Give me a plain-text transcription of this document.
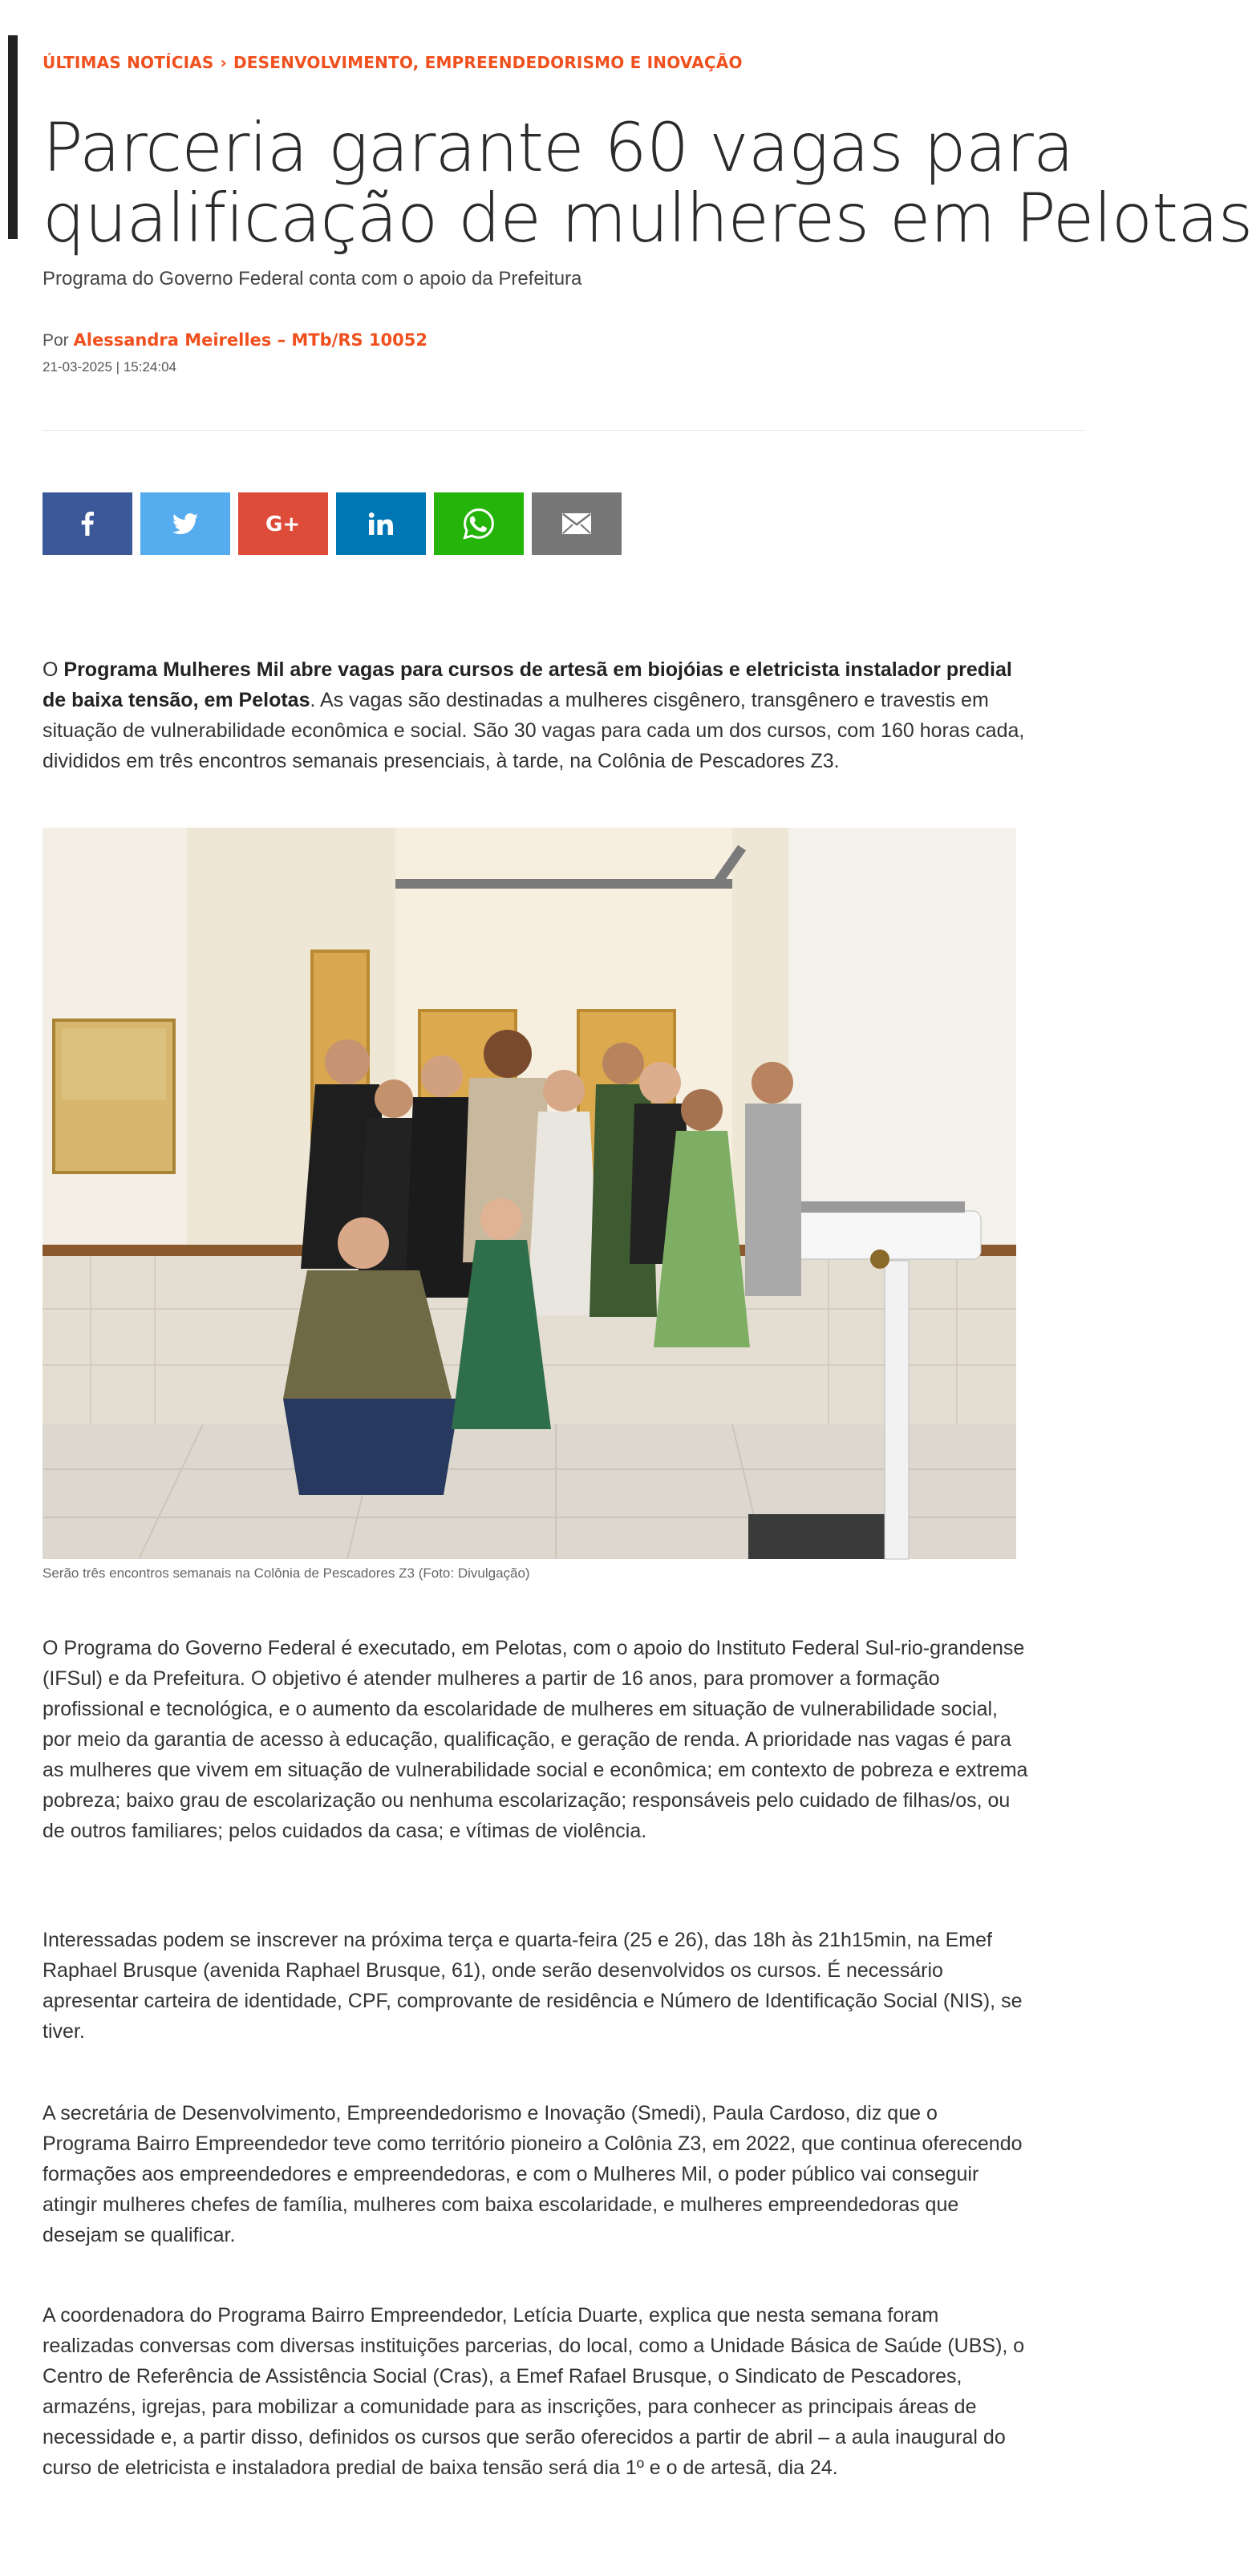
ÚLTIMAS NOTÍCIAS › DESENVOLVIMENTO, EMPREENDEDORISMO E INOVAÇÃO
Parceria garante 60 vagas para
qualificação de mulheres em Pelotas
Programa do Governo Federal conta com o apoio da Prefeitura
Por Alessandra Meirelles – MTb/RS 10052
21-03-2025 | 15:24:04
G+

O Programa Mulheres Mil abre vagas para cursos de artesã em biojóias e eletricista instalador predial de baixa tensão, em Pelotas. As vagas são destinadas a mulheres cisgênero, transgênero e travestis em situação de vulnerabilidade econômica e social. São 30 vagas para cada um dos cursos, com 160 horas cada, divididos em três encontros semanais presenciais, à tarde, na Colônia de Pescadores Z3.

Serão três encontros semanais na Colônia de Pescadores Z3 (Foto: Divulgação)

O Programa do Governo Federal é executado, em Pelotas, com o apoio do Instituto Federal Sul-rio-grandense (IFSul) e da Prefeitura. O objetivo é atender mulheres a partir de 16 anos, para promover a formação profissional e tecnológica, e o aumento da escolaridade de mulheres em situação de vulnerabilidade social, por meio da garantia de acesso à educação, qualificação, e geração de renda. A prioridade nas vagas é para as mulheres que vivem em situação de vulnerabilidade social e econômica; em contexto de pobreza e extrema pobreza; baixo grau de escolarização ou nenhuma escolarização; responsáveis pelo cuidado de filhas/os, ou de outros familiares; pelos cuidados da casa; e vítimas de violência.

Interessadas podem se inscrever na próxima terça e quarta-feira (25 e 26), das 18h às 21h15min, na Emef Raphael Brusque (avenida Raphael Brusque, 61), onde serão desenvolvidos os cursos. É necessário apresentar carteira de identidade, CPF, comprovante de residência e Número de Identificação Social (NIS), se tiver.

A secretária de Desenvolvimento, Empreendedorismo e Inovação (Smedi), Paula Cardoso, diz que o Programa Bairro Empreendedor teve como território pioneiro a Colônia Z3, em 2022, que continua oferecendo formações aos empreendedores e empreendedoras, e com o Mulheres Mil, o poder público vai conseguir atingir mulheres chefes de família, mulheres com baixa escolaridade, e mulheres empreendedoras que desejam se qualificar.

A coordenadora do Programa Bairro Empreendedor, Letícia Duarte, explica que nesta semana foram realizadas conversas com diversas instituições parcerias, do local, como a Unidade Básica de Saúde (UBS), o Centro de Referência de Assistência Social (Cras), a Emef Rafael Brusque, o Sindicato de Pescadores, armazéns, igrejas, para mobilizar a comunidade para as inscrições, para conhecer as principais áreas de necessidade e, a partir disso, definidos os cursos que serão oferecidos a partir de abril – a aula inaugural do curso de eletricista e instaladora predial de baixa tensão será dia 1º e o de artesã, dia 24.
